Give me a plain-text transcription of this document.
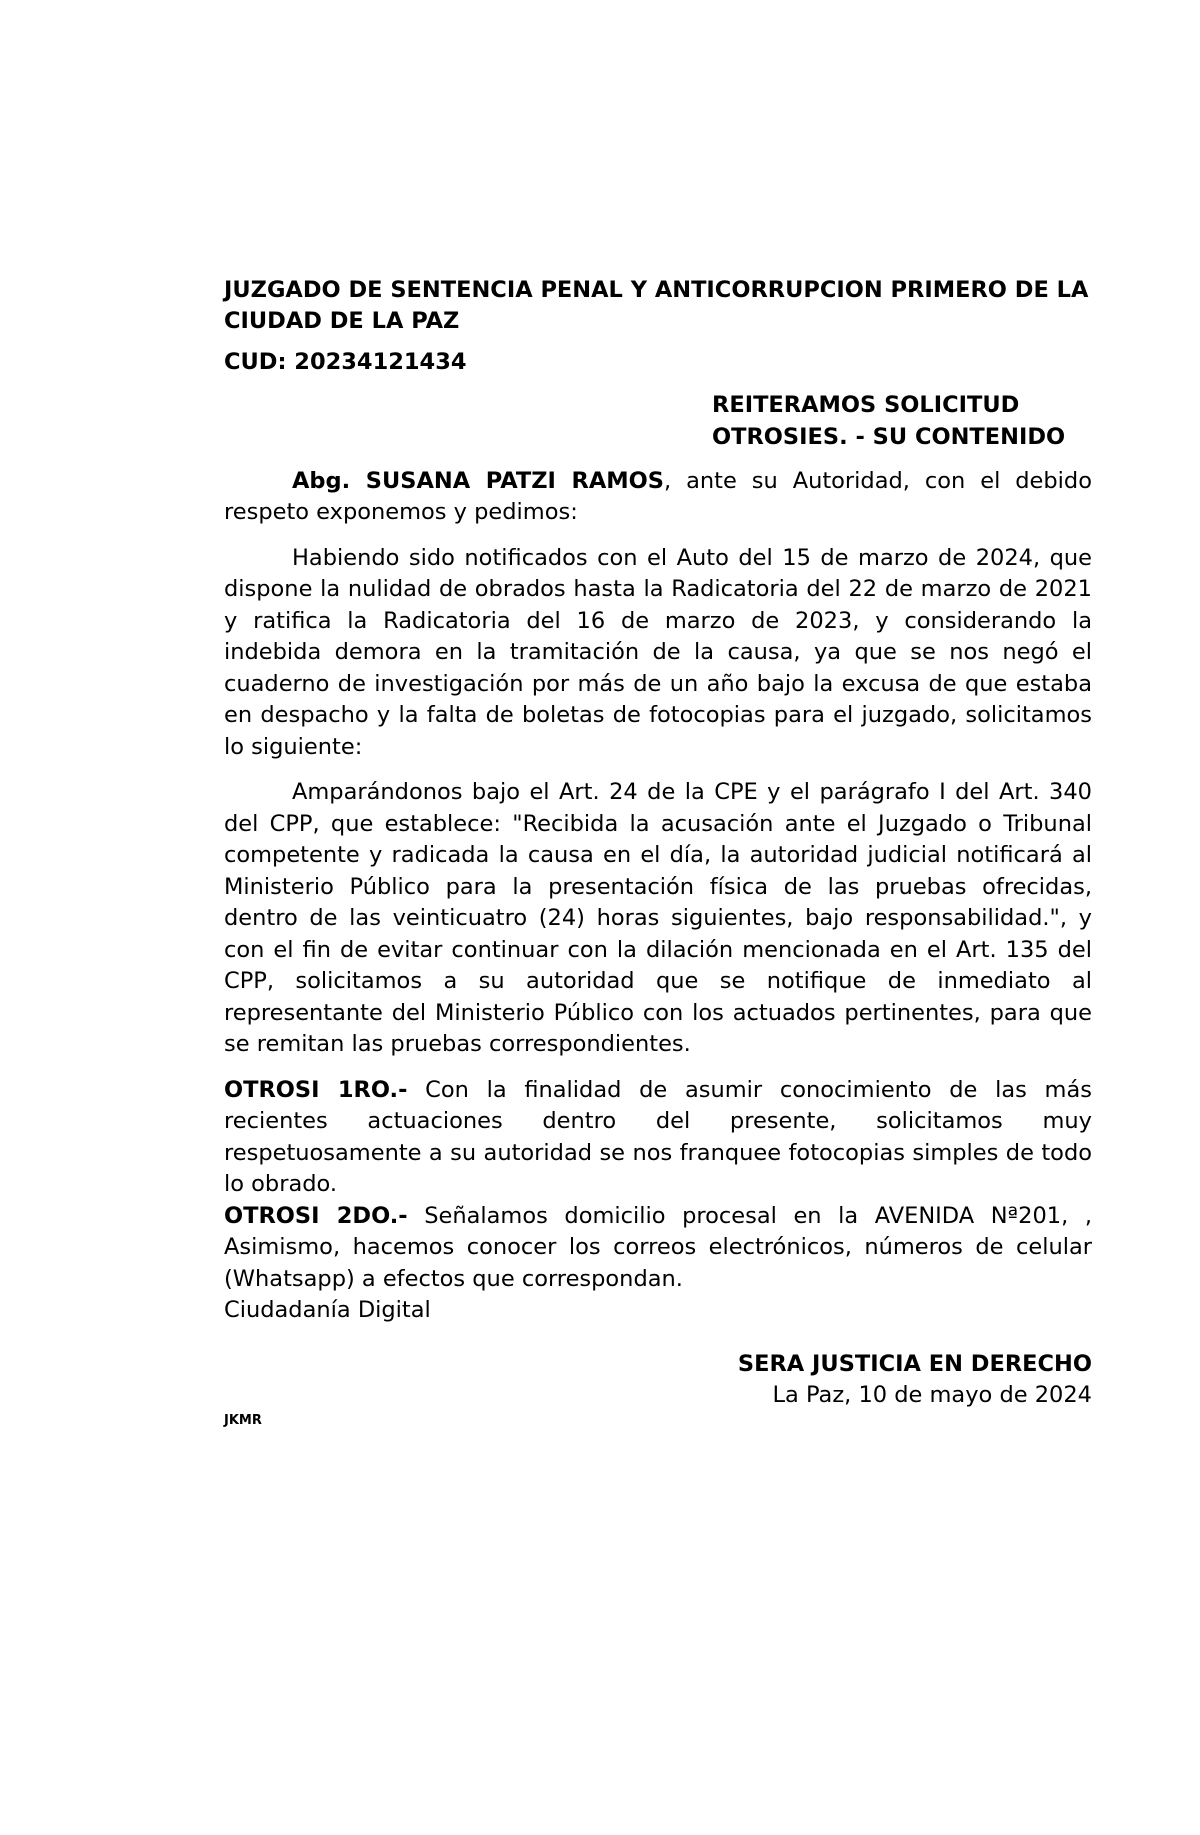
JUZGADO DE SENTENCIA PENAL Y ANTICORRUPCION PRIMERO DE LA CIUDAD DE LA PAZ

CUD: 20234121434

REITERAMOS SOLICITUD
OTROSIES. - SU CONTENIDO

Abg. SUSANA PATZI RAMOS, ante su Autoridad, con el debido respeto exponemos y pedimos:

Habiendo sido notificados con el Auto del 15 de marzo de 2024, que dispone la nulidad de obrados hasta la Radicatoria del 22 de marzo de 2021 y ratifica la Radicatoria del 16 de marzo de 2023, y considerando la indebida demora en la tramitación de la causa, ya que se nos negó el cuaderno de investigación por más de un año bajo la excusa de que estaba en despacho y la falta de boletas de fotocopias para el juzgado, solicitamos lo siguiente:

Amparándonos bajo el Art. 24 de la CPE y el parágrafo I del Art. 340 del CPP, que establece: "Recibida la acusación ante el Juzgado o Tribunal competente y radicada la causa en el día, la autoridad judicial notificará al Ministerio Público para la presentación física de las pruebas ofrecidas, dentro de las veinticuatro (24) horas siguientes, bajo responsabilidad.", y con el fin de evitar continuar con la dilación mencionada en el Art. 135 del CPP, solicitamos a su autoridad que se notifique de inmediato al representante del Ministerio Público con los actuados pertinentes, para que se remitan las pruebas correspondientes.

OTROSI 1RO.- Con la finalidad de asumir conocimiento de las más recientes actuaciones dentro del presente, solicitamos muy respetuosamente a su autoridad se nos franquee fotocopias simples de todo lo obrado.

OTROSI 2DO.- Señalamos domicilio procesal en la AVENIDA Nª201, , Asimismo, hacemos conocer los correos electrónicos, números de celular (Whatsapp) a efectos que correspondan.

Ciudadanía Digital

SERA JUSTICIA EN DERECHO
La Paz, 10 de mayo de 2024
JKMR
